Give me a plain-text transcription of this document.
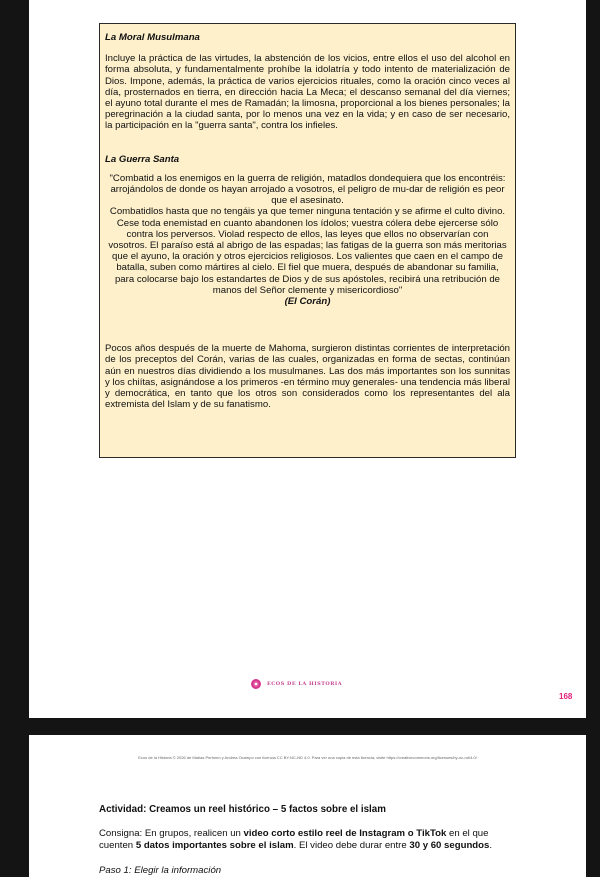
La Moral Musulmana
Incluye la práctica de las virtudes, la abstención de los vicios, entre ellos el uso del alcohol en forma absoluta, y fundamentalmente prohíbe la idolatría y todo intento de materialización de Dios. Impone, además, la práctica de varios ejercicios rituales, como la oración cinco veces al día, prosternados en tierra, en dirección hacia La Meca; el descanso semanal del día viernes; el ayuno total durante el mes de Ramadán; la limosna, proporcional a los bienes personales; la peregrinación a la ciudad santa, por lo menos una vez en la vida; y en caso de ser necesario, la participación en la "guerra santa", contra los infieles.
La Guerra Santa
"Combatid a los enemigos en la guerra de religión, matadlos dondequiera que los encontréis: arrojándolos de donde os hayan arrojado a vosotros, el peligro de mu-dar de religión es peor que el asesinato.
Combatidlos hasta que no tengáis ya que temer ninguna tentación y se afirme el culto divino. Cese toda enemistad en cuanto abandonen los ídolos; vuestra cólera debe ejercerse sólo contra los perversos. Violad respecto de ellos, las leyes que ellos no observarían con vosotros. El paraíso está al abrigo de las espadas; las fatigas de la guerra son más meritorias que el ayuno, la oración y otros ejercicios religiosos. Los valientes que caen en el campo de batalla, suben como mártires al cielo. El fiel que muera, después de abandonar su familia, para colocarse bajo los estandartes de Dios y de sus apóstoles, recibirá una retribución de manos del Señor clemente y misericordioso"
(El Corán)
Pocos años después de la muerte de Mahoma, surgieron distintas corrientes de interpretación de los preceptos del Corán, varias de las cuales, organizadas en forma de sectas, continúan aún en nuestros días dividiendo a los musulmanes. Las dos más importantes son los sunnitas y los chiítas, asignándose a los primeros -en término muy generales- una tendencia más liberal y democrática, en tanto que los otros son considerados como los representantes del ala extremista del Islam y de su fanatismo.
ECOS DE LA HISTORIA
168
Ecos de la Historia © 2026 de Matías Perfumo y Andrea Ocampo con licencia CC BY-NC-ND 4.0. Para ver una copia de esta licencia, visite https://creativecommons.org/licenses/by-nc-nd/4.0/
Actividad: Creamos un reel histórico – 5 factos sobre el islam
Consigna: En grupos, realicen un video corto estilo reel de Instagram o TikTok en el que cuenten 5 datos importantes sobre el islam. El video debe durar entre 30 y 60 segundos.
Paso 1: Elegir la información
